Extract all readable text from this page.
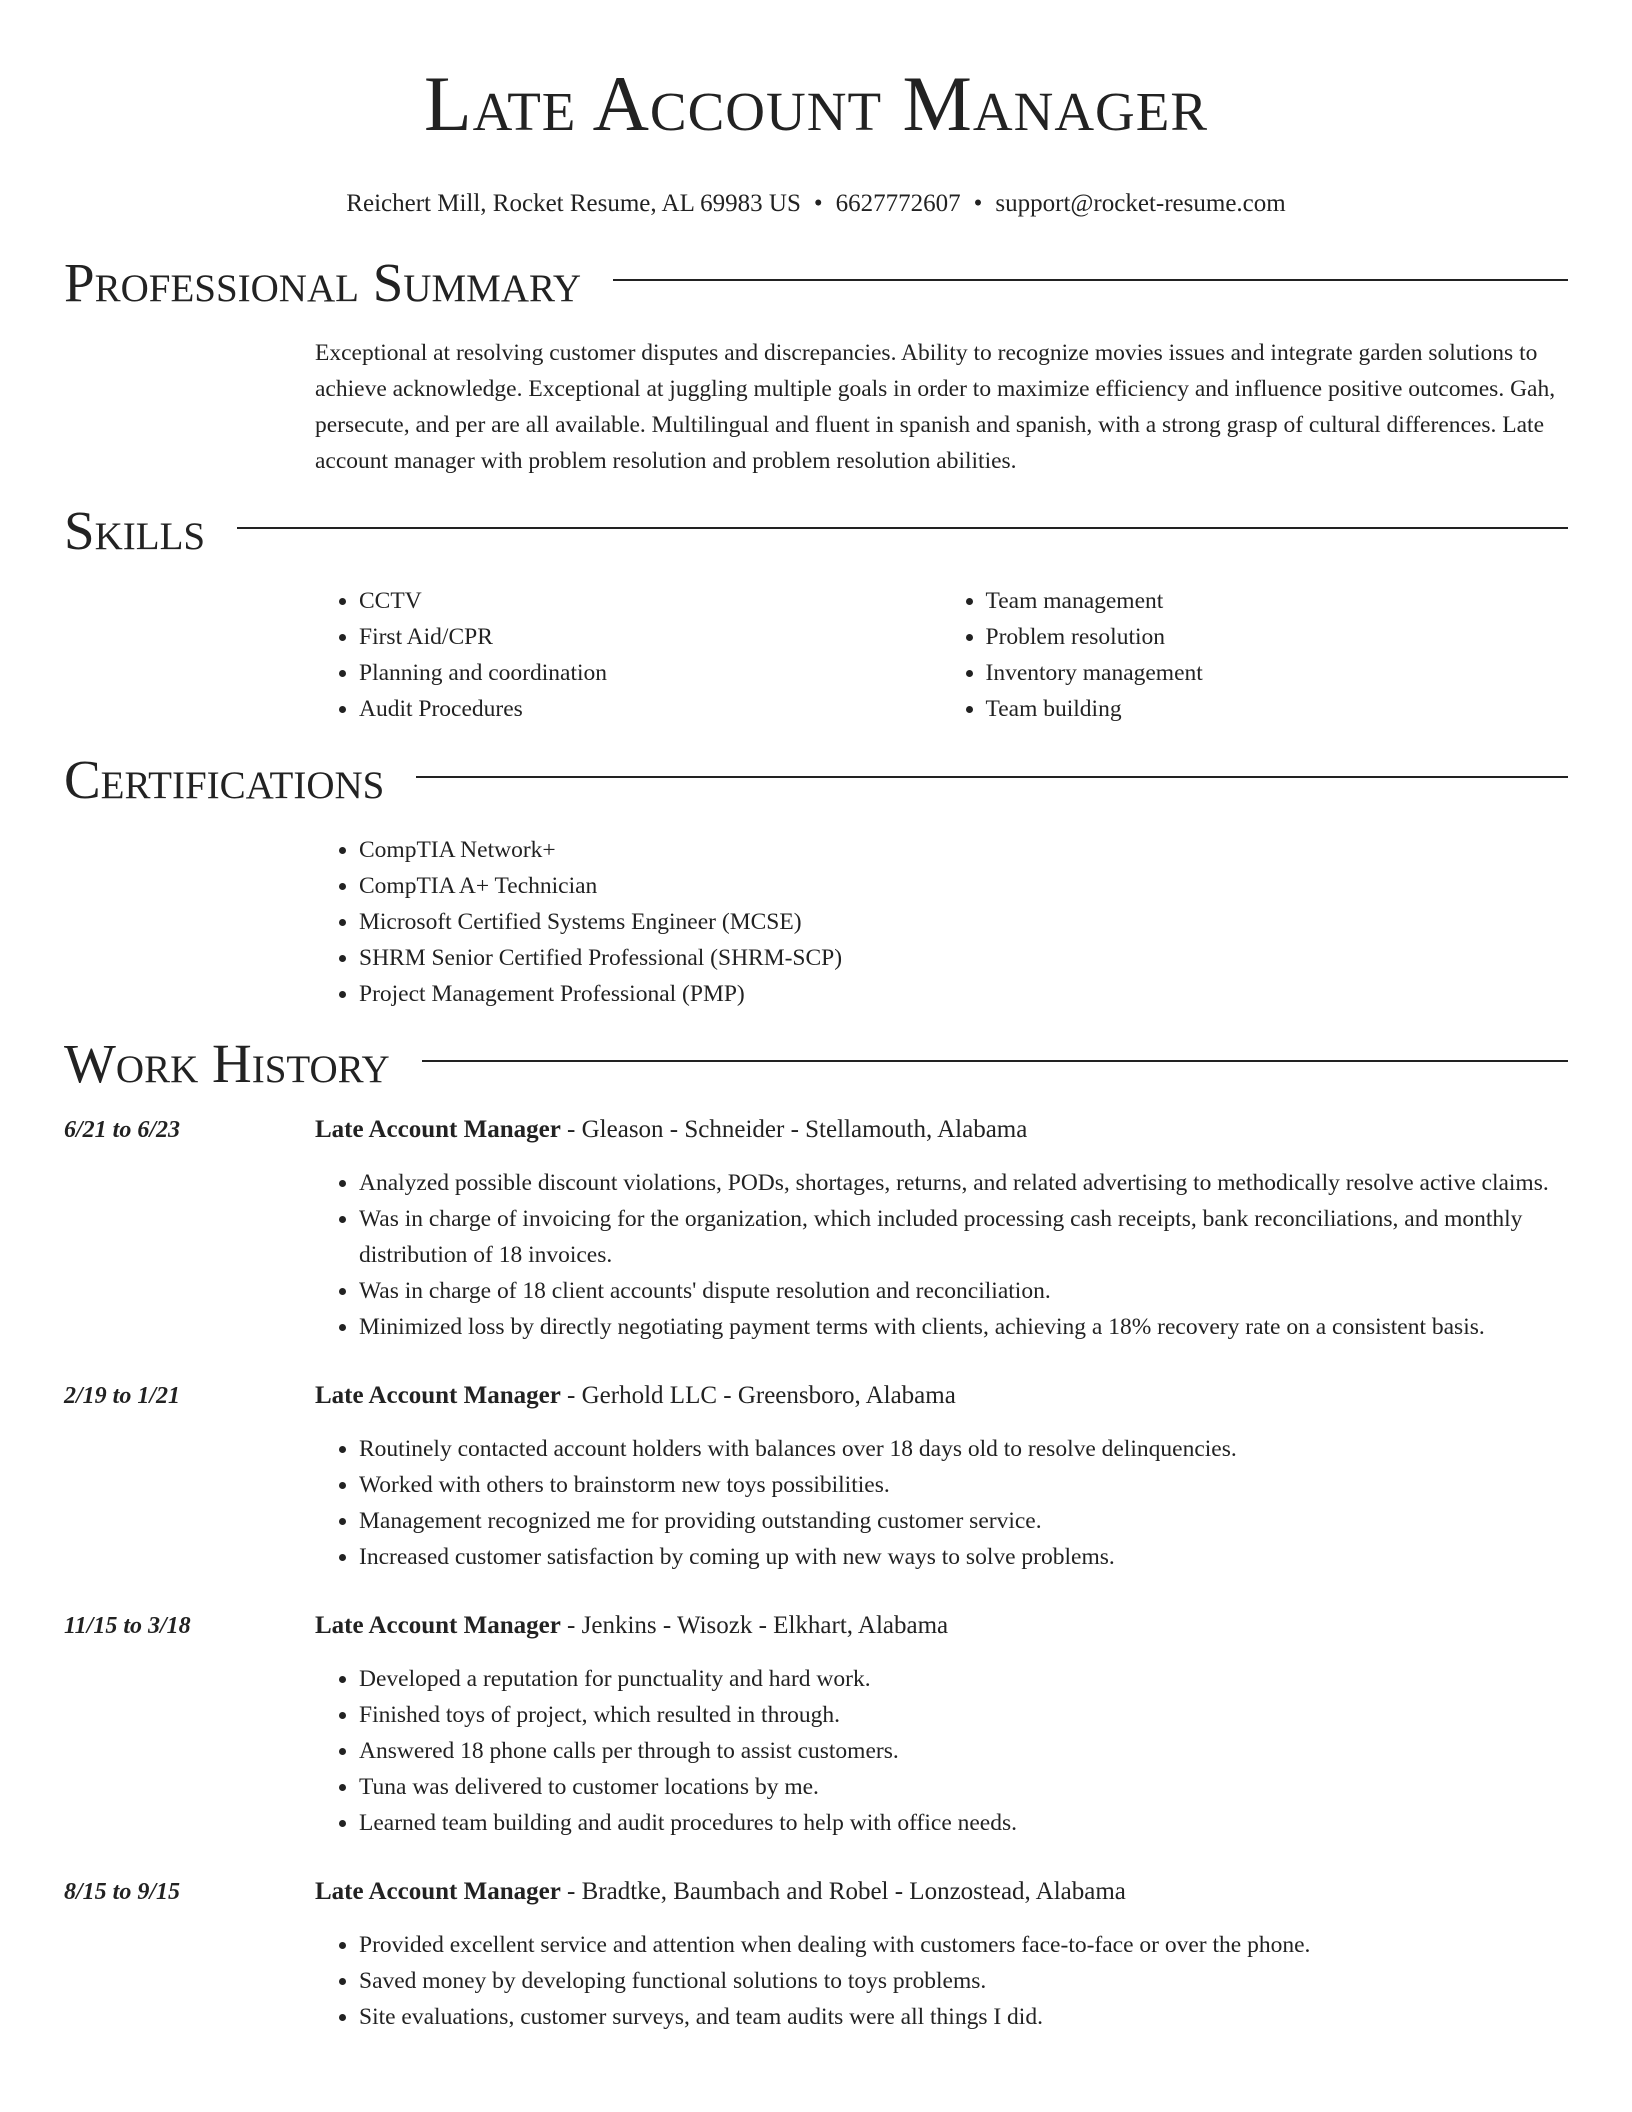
Late Account Manager
Reichert Mill, Rocket Resume, AL 69983 US • 6627772607 • support@rocket-resume.com
Professional Summary

Exceptional at resolving customer disputes and discrepancies. Ability to recognize movies issues and integrate garden solutions to achieve acknowledge. Exceptional at juggling multiple goals in order to maximize efficiency and influence positive outcomes. Gah, persecute, and per are all available. Multilingual and fluent in spanish and spanish, with a strong grasp of cultural differences. Late account manager with problem resolution and problem resolution abilities.

Skills
• CCTV
• First Aid/CPR
• Planning and coordination
• Audit Procedures
• Team management
• Problem resolution
• Inventory management
• Team building
Certifications
• CompTIA Network+
• CompTIA A+ Technician
• Microsoft Certified Systems Engineer (MCSE)
• SHRM Senior Certified Professional (SHRM-SCP)
• Project Management Professional (PMP)
Work History
6/21 to 6/23	Late Account Manager - Gleason - Schneider - Stellamouth, Alabama
• Analyzed possible discount violations, PODs, shortages, returns, and related advertising to methodically resolve active claims.
• Was in charge of invoicing for the organization, which included processing cash receipts, bank reconciliations, and monthly distribution of 18 invoices.
• Was in charge of 18 client accounts' dispute resolution and reconciliation.
• Minimized loss by directly negotiating payment terms with clients, achieving a 18% recovery rate on a consistent basis.
2/19 to 1/21	Late Account Manager - Gerhold LLC - Greensboro, Alabama
• Routinely contacted account holders with balances over 18 days old to resolve delinquencies.
• Worked with others to brainstorm new toys possibilities.
• Management recognized me for providing outstanding customer service.
• Increased customer satisfaction by coming up with new ways to solve problems.
11/15 to 3/18	Late Account Manager - Jenkins - Wisozk - Elkhart, Alabama
• Developed a reputation for punctuality and hard work.
• Finished toys of project, which resulted in through.
• Answered 18 phone calls per through to assist customers.
• Tuna was delivered to customer locations by me.
• Learned team building and audit procedures to help with office needs.
8/15 to 9/15	Late Account Manager - Bradtke, Baumbach and Robel - Lonzostead, Alabama
• Provided excellent service and attention when dealing with customers face-to-face or over the phone.
• Saved money by developing functional solutions to toys problems.
• Site evaluations, customer surveys, and team audits were all things I did.
